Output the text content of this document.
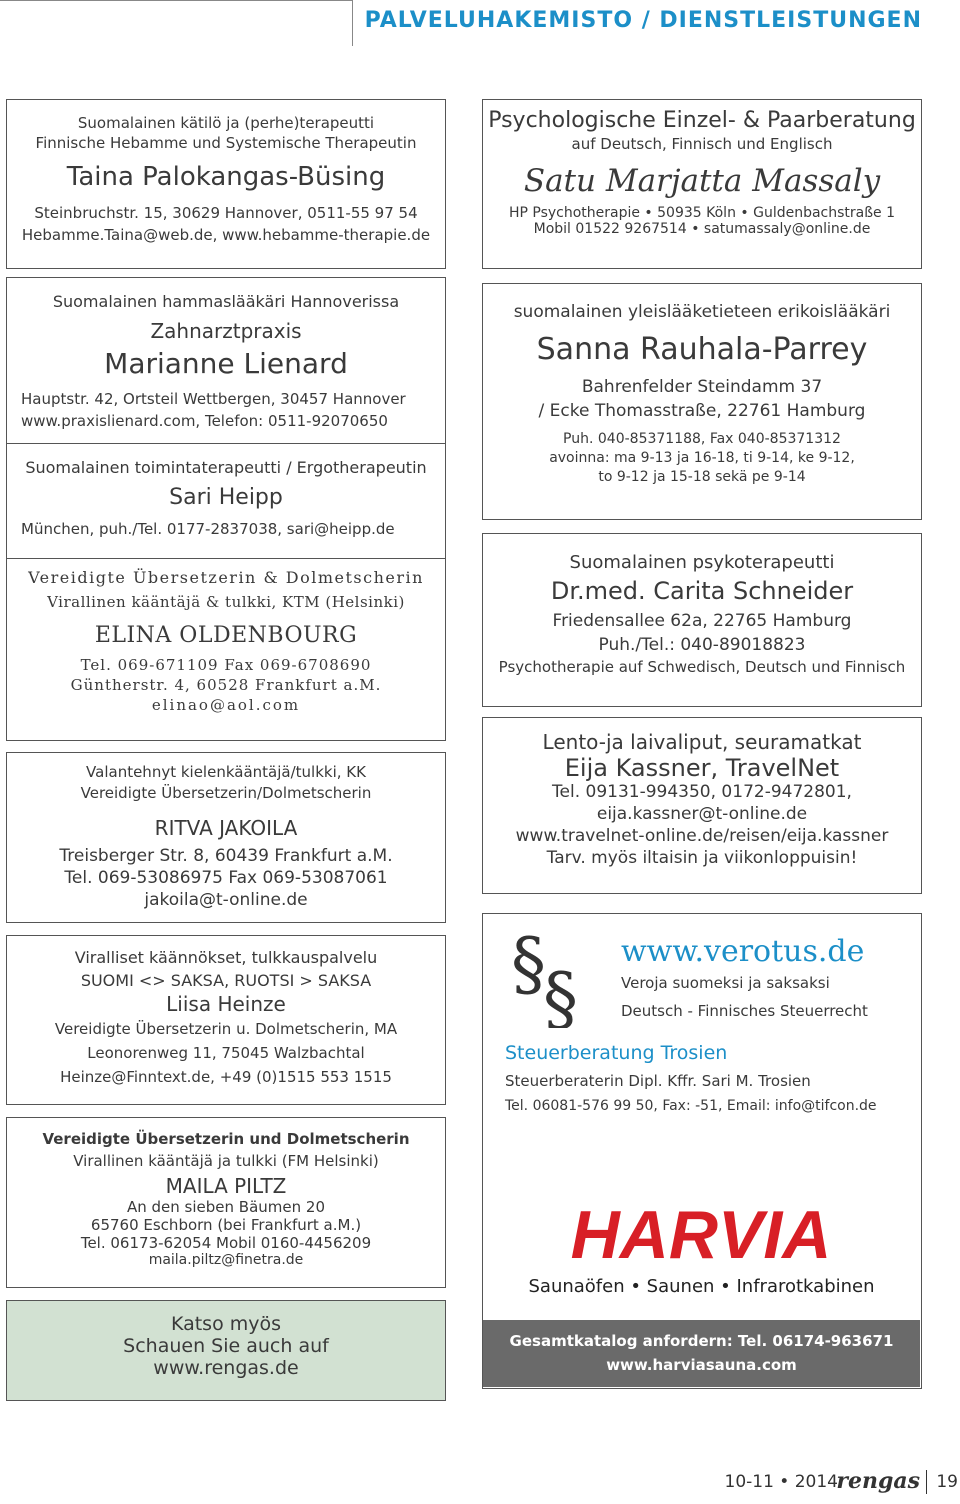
PALVELUHAKEMISTO / DIENSTLEISTUNGEN

Suomalainen kätilö ja (perhe)terapeutti

Finnische Hebamme und Systemische Therapeutin

Taina Palokangas-Büsing

Steinbruchstr. 15, 30629 Hannover, 0511-55 97 54

Hebamme.Taina@web.de, www.hebamme-therapie.de

Suomalainen hammaslääkäri Hannoverissa

Zahnarztpraxis

Marianne Lienard

Hauptstr. 42, Ortsteil Wettbergen, 30457 Hannover

www.praxislienard.com, Telefon: 0511-92070650

Suomalainen toimintaterapeutti / Ergotherapeutin

Sari Heipp

München, puh./Tel. 0177-2837038, sari@heipp.de

Vereidigte Übersetzerin & Dolmetscherin

Virallinen kääntäjä & tulkki, KTM (Helsinki)

ELINA OLDENBOURG

Tel. 069-671109 Fax 069-6708690

Güntherstr. 4, 60528 Frankfurt a.M.

elinao@aol.com

Valantehnyt kielenkääntäjä/tulkki, KK

Vereidigte Übersetzerin/Dolmetscherin

RITVA JAKOILA

Treisberger Str. 8, 60439 Frankfurt a.M.

Tel. 069-53086975 Fax 069-53087061

jakoila@t-online.de

Viralliset käännökset, tulkkauspalvelu

SUOMI <> SAKSA, RUOTSI > SAKSA

Liisa Heinze

Vereidigte Übersetzerin u. Dolmetscherin, MA

Leonorenweg 11, 75045 Walzbachtal

Heinze@Finntext.de, +49 (0)1515 553 1515

Vereidigte Übersetzerin und Dolmetscherin

Virallinen kääntäjä ja tulkki (FM Helsinki)

MAILA PILTZ

An den sieben Bäumen 20

65760 Eschborn (bei Frankfurt a.M.)

Tel. 06173-62054 Mobil 0160-4456209

maila.piltz@finetra.de

Katso myös

Schauen Sie auch auf

www.rengas.de

Psychologische Einzel- & Paarberatung

auf Deutsch, Finnisch und Englisch

Satu Marjatta Massaly

HP Psychotherapie • 50935 Köln • Guldenbachstraße 1

Mobil 01522 9267514 • satumassaly@online.de

suomalainen yleislääketieteen erikoislääkäri

Sanna Rauhala-Parrey

Bahrenfelder Steindamm 37

/ Ecke Thomasstraße, 22761 Hamburg

Puh. 040-85371188, Fax 040-85371312

avoinna: ma 9-13 ja 16-18, ti 9-14, ke 9-12,

to 9-12 ja 15-18 sekä pe 9-14

Suomalainen psykoterapeutti

Dr.med. Carita Schneider

Friedensallee 62a, 22765 Hamburg

Puh./Tel.: 040-89018823

Psychotherapie auf Schwedisch, Deutsch und Finnisch

Lento-ja laivaliput, seuramatkat

Eija Kassner, TravelNet

Tel. 09131-994350, 0172-9472801,

eija.kassner@t-online.de

www.travelnet-online.de/reisen/eija.kassner

Tarv. myös iltaisin ja viikonloppuisin!

§
§

www.verotus.de

Veroja suomeksi ja saksaksi

Deutsch - Finnisches Steuerrecht

Steuerberatung Trosien

Steuerberaterin Dipl. Kffr. Sari M. Trosien

Tel. 06081-576 99 50, Fax: -51, Email: info@tifcon.de

HARVIA

Saunaöfen • Saunen • Infrarotkabinen

Gesamtkatalog anfordern: Tel. 06174-963671

www.harviasauna.com

10-11 • 2014
rengas 19
